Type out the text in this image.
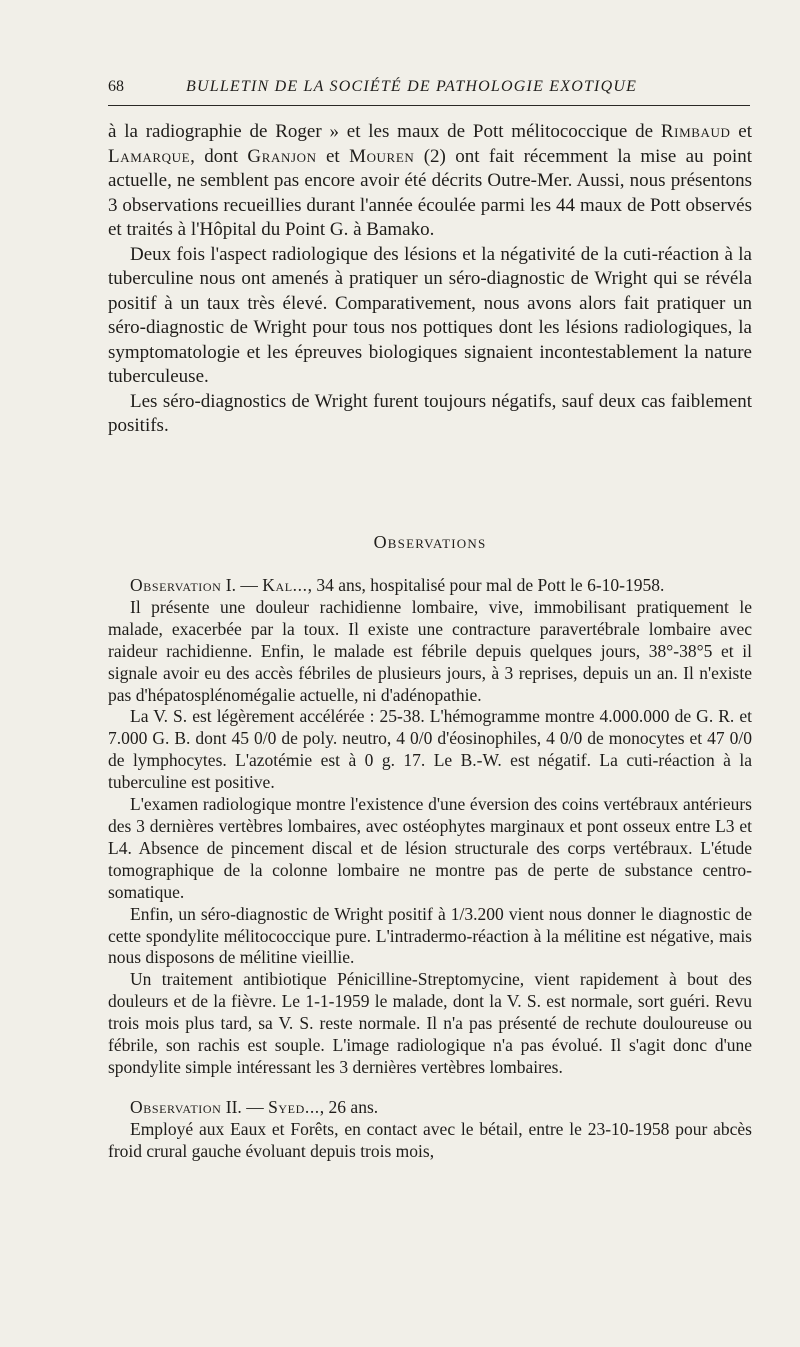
68	BULLETIN DE LA SOCIÉTÉ DE PATHOLOGIE EXOTIQUE

à la radiographie de Roger » et les maux de Pott mélitococcique de Rimbaud et Lamarque, dont Granjon et Mouren (2) ont fait récemment la mise au point actuelle, ne semblent pas encore avoir été décrits Outre-Mer. Aussi, nous présentons 3 observations recueillies durant l'année écoulée parmi les 44 maux de Pott observés et traités à l'Hôpital du Point G. à Bamako.

Deux fois l'aspect radiologique des lésions et la négativité de la cuti-réaction à la tuberculine nous ont amenés à pratiquer un séro-diagnostic de Wright qui se révéla positif à un taux très élevé. Comparativement, nous avons alors fait pratiquer un séro-diagnostic de Wright pour tous nos pottiques dont les lésions radiologiques, la symptomatologie et les épreuves biologiques signaient incontestablement la nature tuberculeuse.

Les séro-diagnostics de Wright furent toujours négatifs, sauf deux cas faiblement positifs.

Observations

Observation I. — Kal..., 34 ans, hospitalisé pour mal de Pott le 6-10-1958.

Il présente une douleur rachidienne lombaire, vive, immobilisant pratiquement le malade, exacerbée par la toux. Il existe une contracture paravertébrale lombaire avec raideur rachidienne. Enfin, le malade est fébrile depuis quelques jours, 38°-38°5 et il signale avoir eu des accès fébriles de plusieurs jours, à 3 reprises, depuis un an. Il n'existe pas d'hépatosplénomégalie actuelle, ni d'adénopathie.

La V. S. est légèrement accélérée : 25-38. L'hémogramme montre 4.000.000 de G. R. et 7.000 G. B. dont 45 0/0 de poly. neutro, 4 0/0 d'éosinophiles, 4 0/0 de monocytes et 47 0/0 de lymphocytes. L'azotémie est à 0 g. 17. Le B.-W. est négatif. La cuti-réaction à la tuberculine est positive.

L'examen radiologique montre l'existence d'une éversion des coins vertébraux antérieurs des 3 dernières vertèbres lombaires, avec ostéophytes marginaux et pont osseux entre L3 et L4. Absence de pincement discal et de lésion structurale des corps vertébraux. L'étude tomographique de la colonne lombaire ne montre pas de perte de substance centro-somatique.

Enfin, un séro-diagnostic de Wright positif à 1/3.200 vient nous donner le diagnostic de cette spondylite mélitococcique pure. L'intradermo-réaction à la mélitine est négative, mais nous disposons de mélitine vieillie.

Un traitement antibiotique Pénicilline-Streptomycine, vient rapidement à bout des douleurs et de la fièvre. Le 1-1-1959 le malade, dont la V. S. est normale, sort guéri. Revu trois mois plus tard, sa V. S. reste normale. Il n'a pas présenté de rechute douloureuse ou fébrile, son rachis est souple. L'image radiologique n'a pas évolué. Il s'agit donc d'une spondylite simple intéressant les 3 dernières vertèbres lombaires.

Observation II. — Syed..., 26 ans.

Employé aux Eaux et Forêts, en contact avec le bétail, entre le 23-10-1958 pour abcès froid crural gauche évoluant depuis trois mois,
